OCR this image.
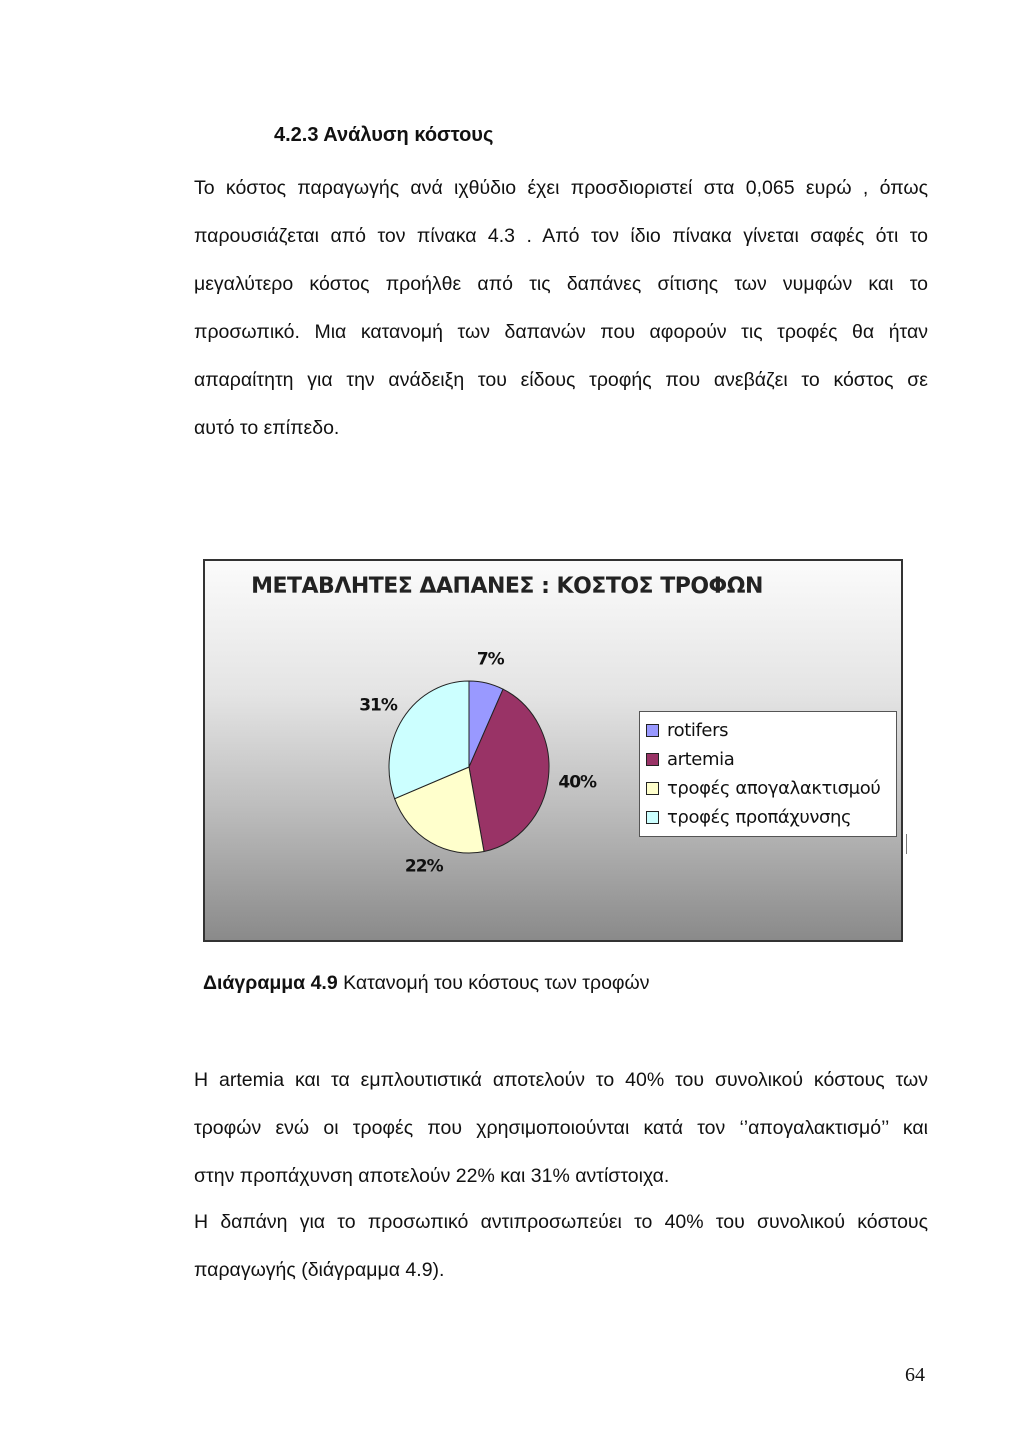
4.2.3 Ανάλυση κόστους

Το κόστος παραγωγής ανά ιχθύδιο έχει προσδιοριστεί στα 0,065 ευρώ , όπως
παρουσιάζεται από τον πίνακα 4.3 . Από τον ίδιο πίνακα γίνεται σαφές ότι το
μεγαλύτερο κόστος προήλθε από τις δαπάνες σίτισης των νυμφών και το
προσωπικό. Μια κατανομή των δαπανών που αφορούν τις τροφές θα ήταν
απαραίτητη για την ανάδειξη του είδους τροφής που ανεβάζει το κόστος σε
αυτό το επίπεδο.

ΜΕΤΑΒΛΗΤΕΣ ΔΑΠΑΝΕΣ : ΚΟΣΤΟΣ ΤΡΟΦΩΝ
7%
40%
22%
31%
rotifers
artemia
τροφές απογαλακτισμού
τροφές προπάχυνσης
Διάγραμμα 4.9 Κατανομή του κόστους των τροφών

Η artemia και τα εμπλουτιστικά αποτελούν το 40% του συνολικού κόστους των
τροφών ενώ οι τροφές που χρησιμοποιούνται κατά τον ‘’απογαλακτισμό’’ και
στην προπάχυνση αποτελούν 22% και 31% αντίστοιχα.

Η δαπάνη για το προσωπικό αντιπροσωπεύει το 40% του συνολικού κόστους
παραγωγής (διάγραμμα 4.9).

64
